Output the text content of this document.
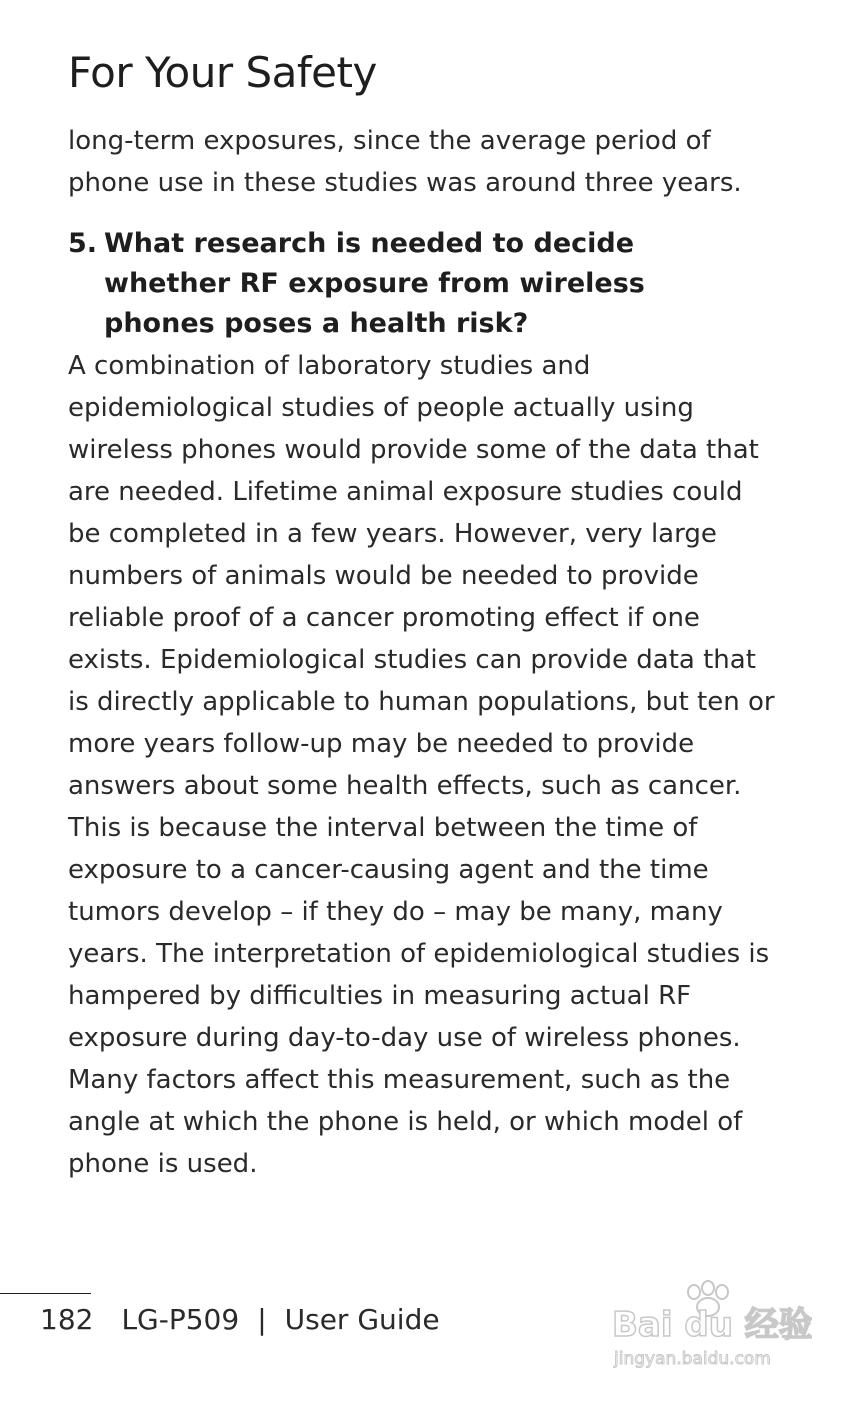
For Your Safety

long-term exposures, since the average period of phone use in these studies was around three years.

5. What research is needed to decide whether RF exposure from wireless phones poses a health risk?

A combination of laboratory studies and epidemiological studies of people actually using wireless phones would provide some of the data that are needed. Lifetime animal exposure studies could be completed in a few years. However, very large numbers of animals would be needed to provide reliable proof of a cancer promoting effect if one exists. Epidemiological studies can provide data that is directly applicable to human populations, but ten or more years follow-up may be needed to provide answers about some health effects, such as cancer. This is because the interval between the time of exposure to a cancer-causing agent and the time tumors develop – if they do – may be many, many years. The interpretation of epidemiological studies is hampered by difficulties in measuring actual RF exposure during day-to-day use of wireless phones. Many factors affect this measurement, such as the angle at which the phone is held, or which model of phone is used.

182 LG-P509 | User Guide	Bai du 经验
jingyan.baidu.com
